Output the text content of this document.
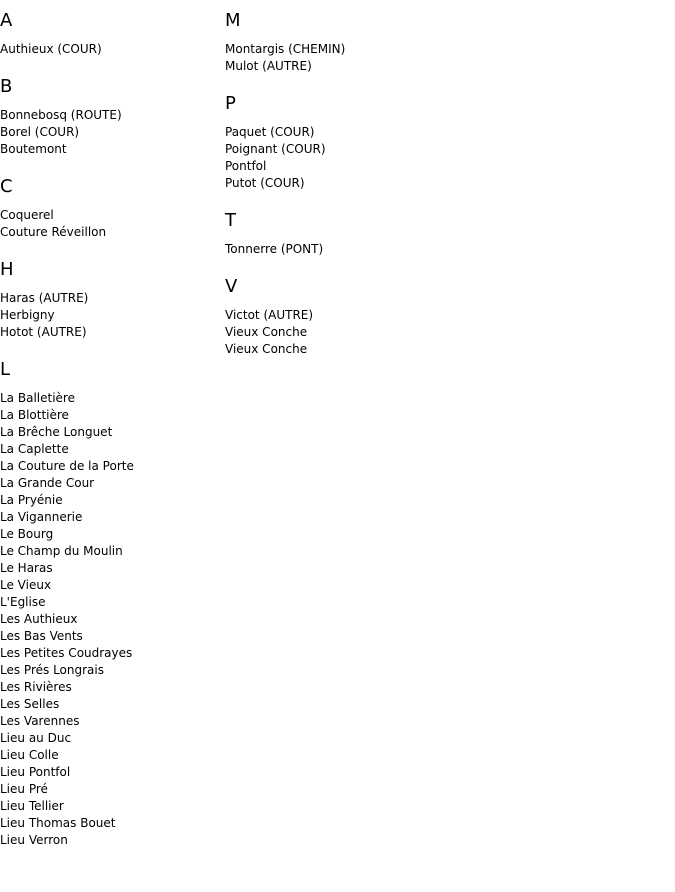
A
Authieux (COUR)
B
Bonnebosq (ROUTE)
Borel (COUR)
Boutemont
C
Coquerel
Couture Réveillon
H
Haras (AUTRE)
Herbigny
Hotot (AUTRE)
L
La Balletière
La Blottière
La Brêche Longuet
La Caplette
La Couture de la Porte
La Grande Cour
La Pryénie
La Vigannerie
Le Bourg
Le Champ du Moulin
Le Haras
Le Vieux
L'Eglise
Les Authieux
Les Bas Vents
Les Petites Coudrayes
Les Prés Longrais
Les Rivières
Les Selles
Les Varennes
Lieu au Duc
Lieu Colle
Lieu Pontfol
Lieu Pré
Lieu Tellier
Lieu Thomas Bouet
Lieu Verron
M
Montargis (CHEMIN)
Mulot (AUTRE)
P
Paquet (COUR)
Poignant (COUR)
Pontfol
Putot (COUR)
T
Tonnerre (PONT)
V
Victot (AUTRE)
Vieux Conche
Vieux Conche
